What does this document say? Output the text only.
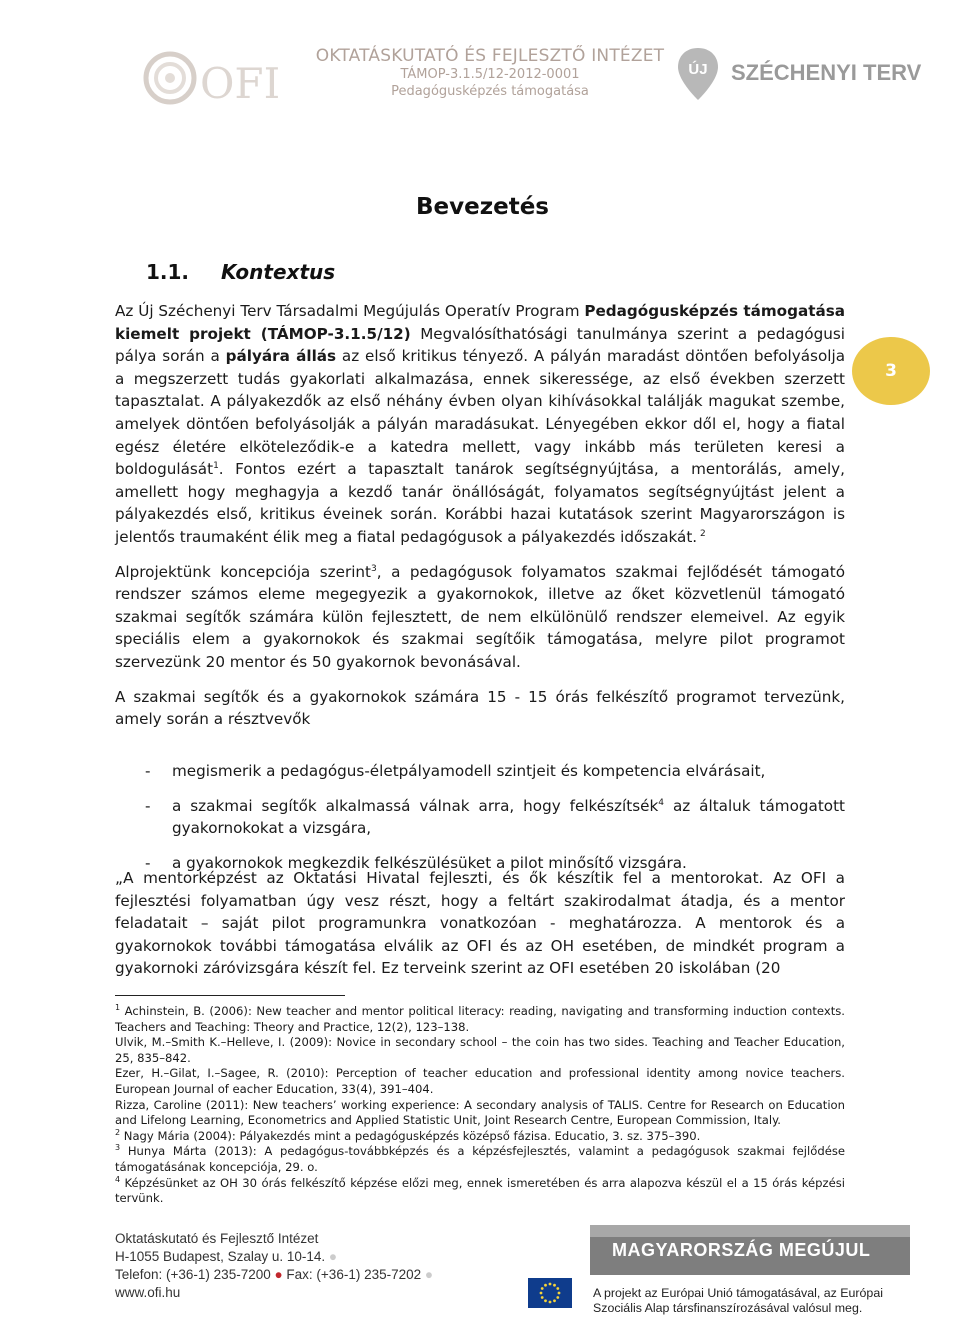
OFI
OKTATÁSKUTATÓ ÉS FEJLESZTŐ INTÉZET
TÁMOP-3.1.5/12-2012-0001
Pedagógusképzés támogatása
ÚJ SZÉCHENYI TERV
Bevezetés
1.1. Kontextus
3

Az Új Széchenyi Terv Társadalmi Megújulás Operatív Program Pedagógusképzés támogatása kiemelt projekt (TÁMOP-3.1.5/12) Megvalósíthatósági tanulmánya szerint a pedagógusi pálya során a pályára állás az első kritikus tényező. A pályán maradást döntően befolyásolja a megszerzett tudás gyakorlati alkalmazása, ennek sikeressége, az első években szerzett tapasztalat. A pályakezdők az első néhány évben olyan kihívásokkal találják magukat szembe, amelyek döntően befolyásolják a pályán maradásukat. Lényegében ekkor dől el, hogy a fiatal egész életére elköteleződik-e a katedra mellett, vagy inkább más területen keresi a boldogulását$^1$. Fontos ezért a tapasztalt tanárok segítségnyújtása, a mentorálás, amely, amellett hogy meghagyja a kezdő tanár önállóságát, folyamatos segítségnyújtást jelent a pályakezdés első, kritikus éveinek során. Korábbi hazai kutatások szerint Magyarországon is jelentős traumaként élik meg a fiatal pedagógusok a pályakezdés időszakát. $^2$

Alprojektünk koncepciója szerint$^3$, a pedagógusok folyamatos szakmai fejlődését támogató rendszer számos eleme megegyezik a gyakornokok, illetve az őket közvetlenül támogató szakmai segítők számára külön fejlesztett, de nem elkülönülő rendszer elemeivel. Az egyik speciális elem a gyakornokok és szakmai segítőik támogatása, melyre pilot programot szervezünk 20 mentor és 50 gyakornok bevonásával.

A szakmai segítők és a gyakornokok számára 15 - 15 órás felkészítő programot tervezünk, amely során a résztvevők

- megismerik a pedagógus-életpályamodell szintjeit és kompetencia elvárásait,
- a szakmai segítők alkalmassá válnak arra, hogy felkészítsék$^4$ az általuk támogatott gyakornokokat a vizsgára,
- a gyakornokok megkezdik felkészülésüket a pilot minősítő vizsgára.

„A mentorképzést az Oktatási Hivatal fejleszti, és ők készítik fel a mentorokat. Az OFI a fejlesztési folyamatban úgy vesz részt, hogy a feltárt szakirodalmat átadja, és a mentor feladatait – saját pilot programunkra vonatkozóan - meghatározza. A mentorok és a gyakornokok további támogatása elválik az OFI és az OH esetében, de mindkét program a gyakornoki záróvizsgára készít fel. Ez terveink szerint az OFI esetében 20 iskolában (20

$^1$ Achinstein, B. (2006): New teacher and mentor political literacy: reading, navigating and transforming induction contexts. Teachers and Teaching: Theory and Practice, 12(2), 123–138.
Ulvik, M.–Smith K.–Helleve, I. (2009): Novice in secondary school – the coin has two sides. Teaching and Teacher Education, 25, 835–842.
Ezer, H.–Gilat, I.–Sagee, R. (2010): Perception of teacher education and professional identity among novice teachers. European Journal of eacher Education, 33(4), 391–404.
Rizza, Caroline (2011): New teachers’ working experience: A secondary analysis of TALIS. Centre for Research on Education and Lifelong Learning, Econometrics and Applied Statistic Unit, Joint Research Centre, European Commission, Italy.
$^2$ Nagy Mária (2004): Pályakezdés mint a pedagógusképzés középső fázisa. Educatio, 3. sz. 375–390.
$^3$ Hunya Márta (2013): A pedagógus-továbbképzés és a képzésfejlesztés, valamint a pedagógusok szakmai fejlődése támogatásának koncepciója, 29. o.
$^4$ Képzésünket az OH 30 órás felkészítő képzése előzi meg, ennek ismeretében és arra alapozva készül el a 15 órás képzési tervünk.
Oktatáskutató és Fejlesztő Intézet
H-1055 Budapest, Szalay u. 10-14. ●
Telefon: (+36-1) 235-7200 ● Fax: (+36-1) 235-7202 ●
www.ofi.hu
MAGYARORSZÁG MEGÚJUL
A projekt az Európai Unió támogatásával, az Európai
Szociális Alap társfinanszírozásával valósul meg.
